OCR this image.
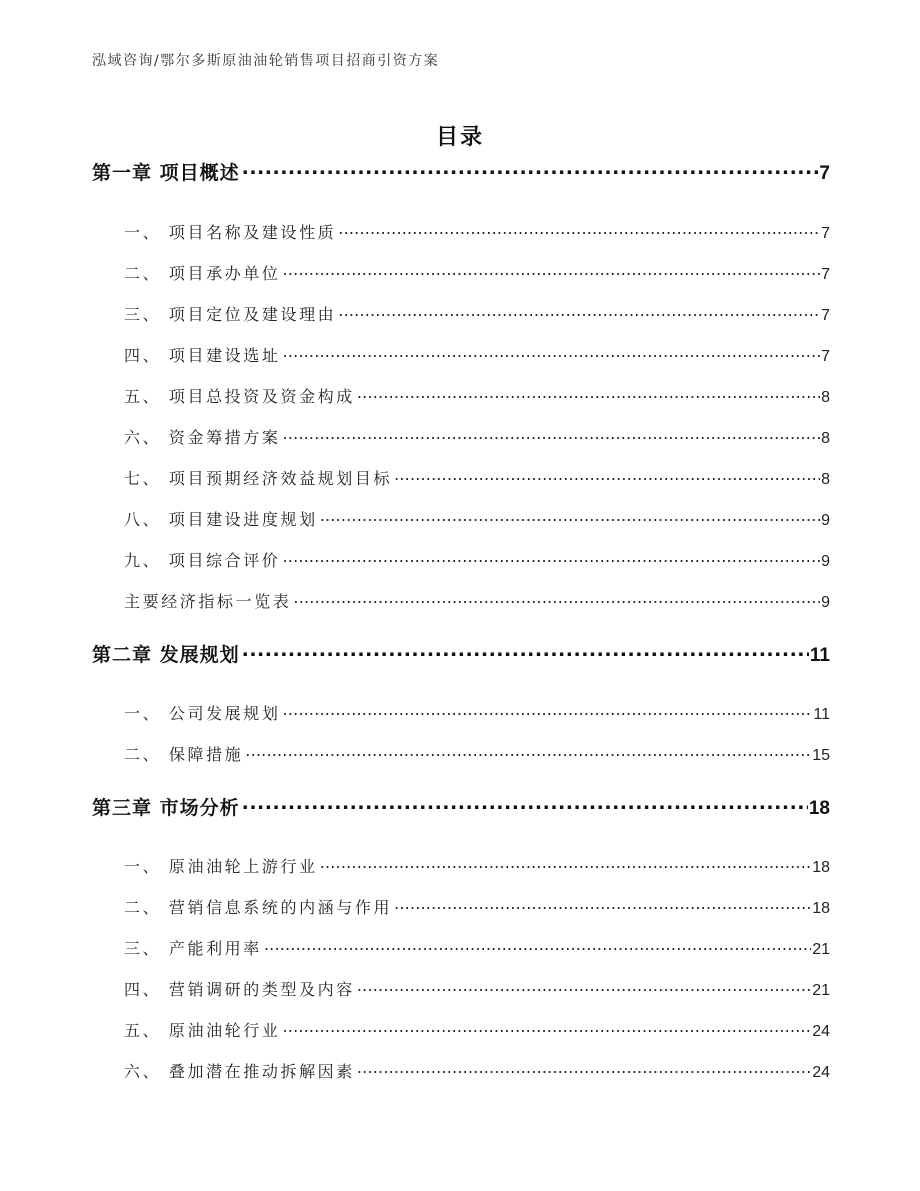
泓域咨询/鄂尔多斯原油油轮销售项目招商引资方案
目录
第一章 项目概述 .....	7
一、 项目名称及建设性质 .....	7
二、 项目承办单位 .....	7
三、 项目定位及建设理由 .....	7
四、 项目建设选址 .....	7
五、 项目总投资及资金构成 .....	8
六、 资金筹措方案 .....	8
七、 项目预期经济效益规划目标 .....	8
八、 项目建设进度规划 .....	9
九、 项目综合评价 .....	9
主要经济指标一览表 .....	9
第二章 发展规划 .....	11
一、 公司发展规划 .....	11
二、 保障措施 .....	15
第三章 市场分析 .....	18
一、 原油油轮上游行业 .....	18
二、 营销信息系统的内涵与作用 .....	18
三、 产能利用率 .....	21
四、 营销调研的类型及内容 .....	21
五、 原油油轮行业 .....	24
六、 叠加潜在推动拆解因素 .....	24
